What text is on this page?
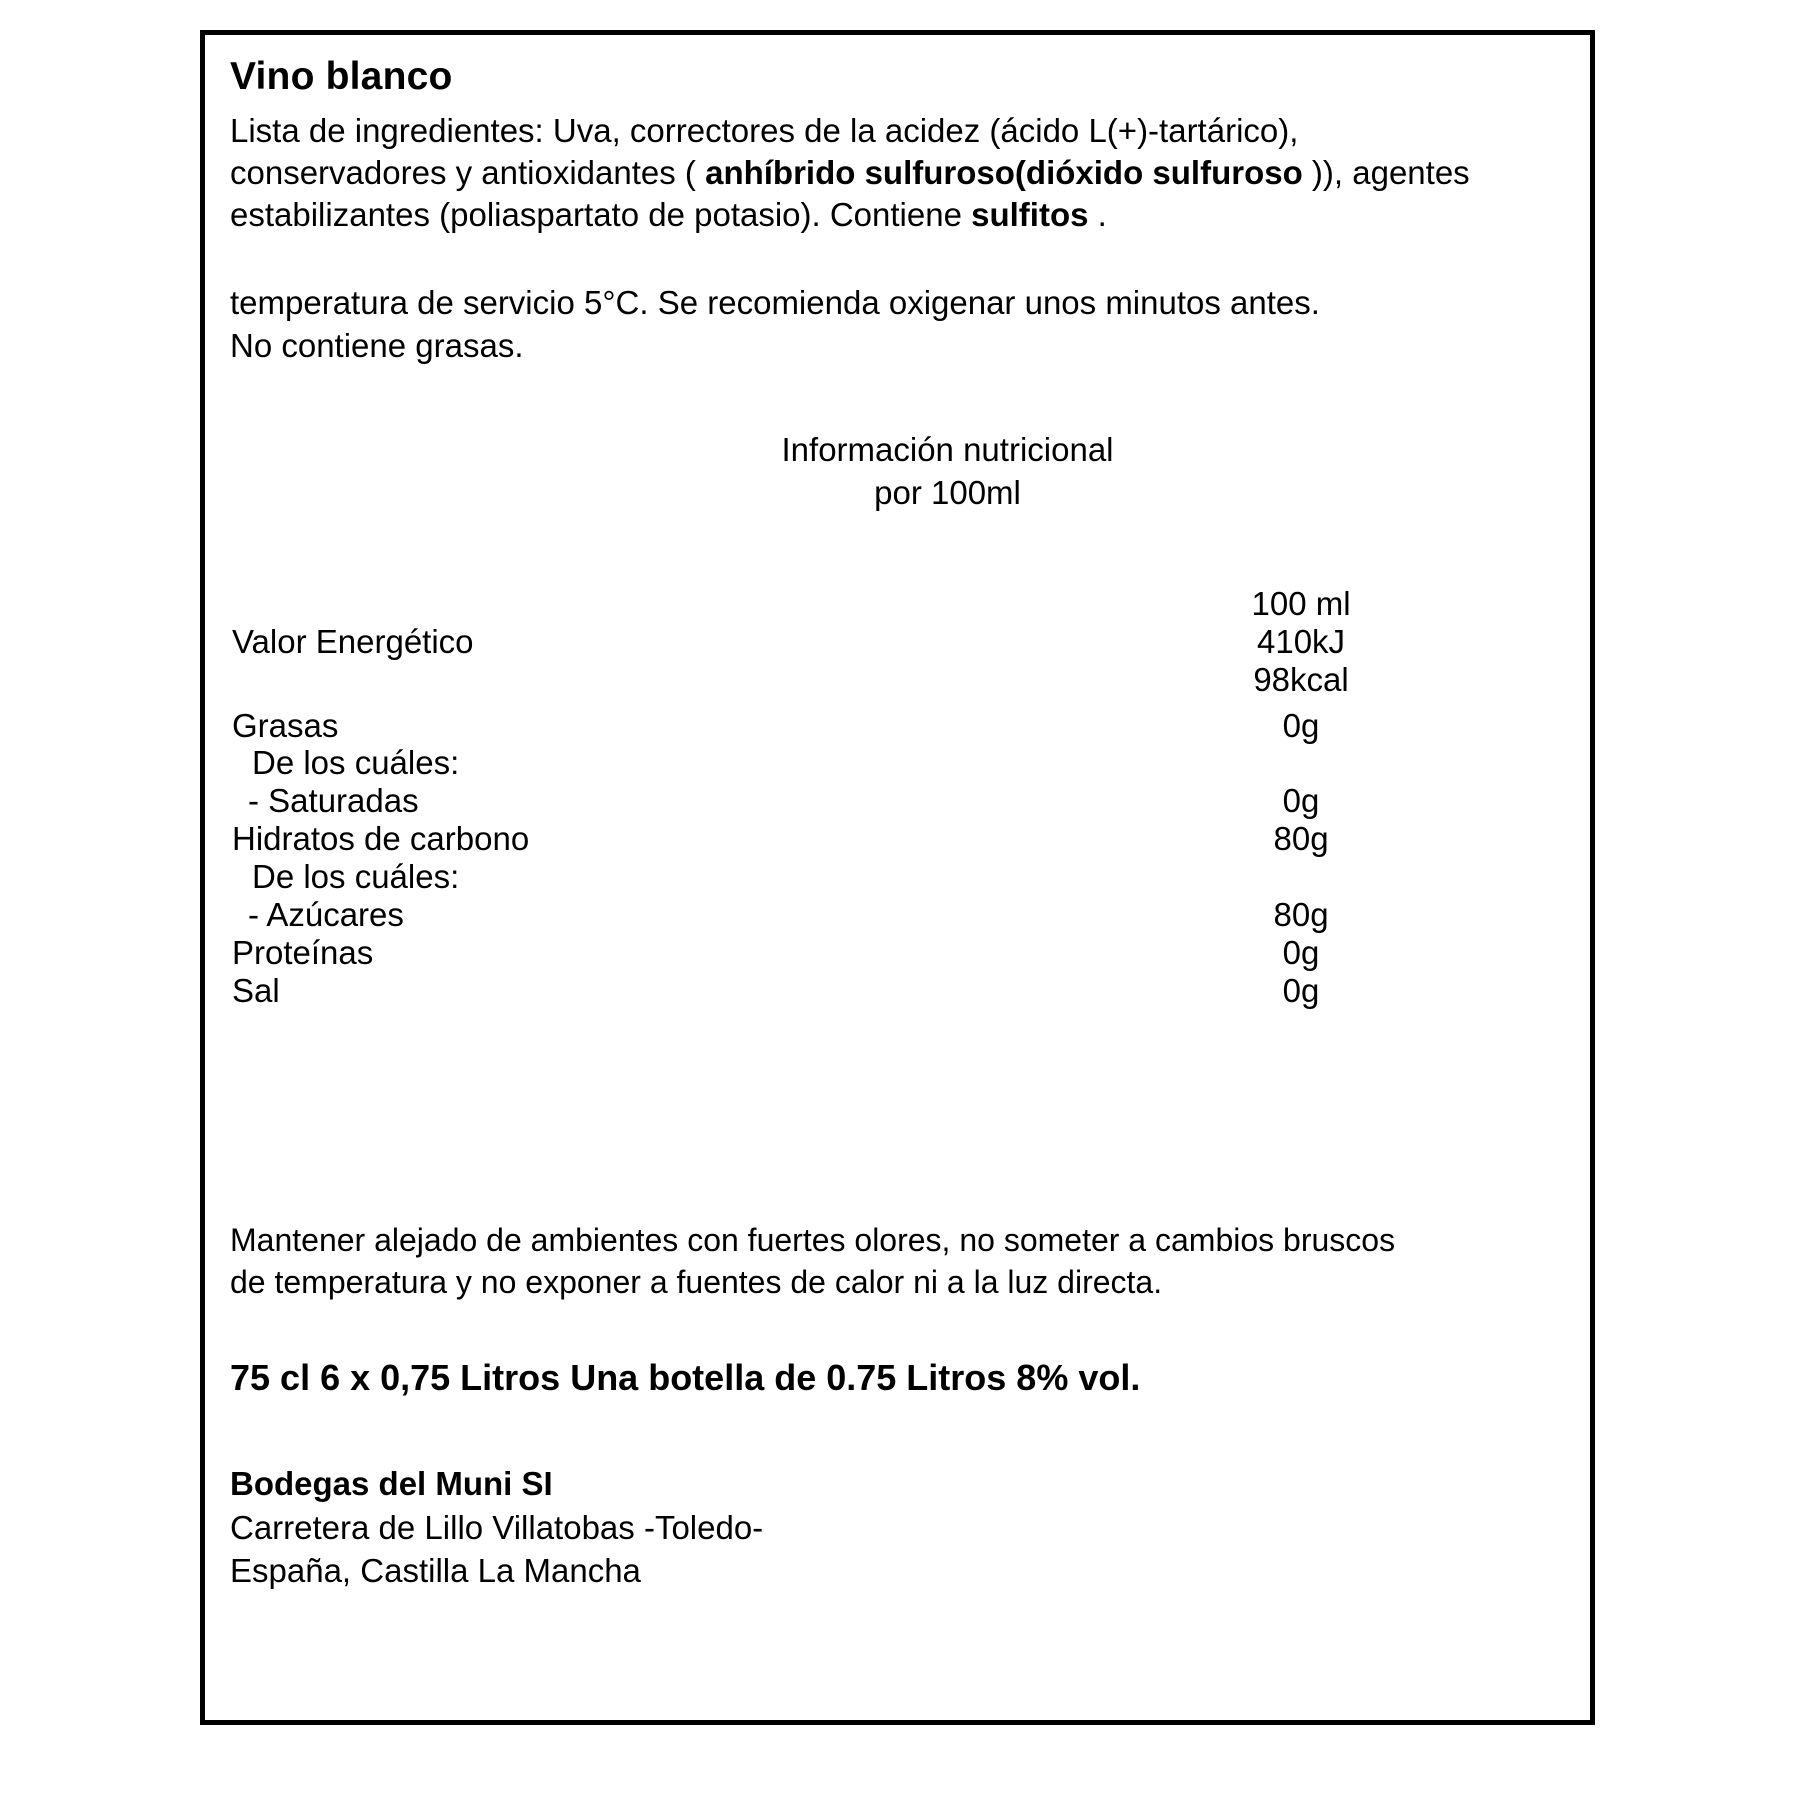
Vino blanco

Lista de ingredientes: Uva, correctores de la acidez (ácido L(+)-tartárico), conservadores y antioxidantes ( anhíbrido sulfuroso(dióxido sulfuroso )), agentes estabilizantes (poliaspartato de potasio). Contiene sulfitos .

temperatura de servicio 5°C. Se recomienda oxigenar unos minutos antes.
No contiene grasas.
Información nutricional
por 100ml
	100 ml
Valor Energético	410kJ
	98kcal

Grasas	0g
De los cuáles:	
- Saturadas	0g
Hidratos de carbono	80g
De los cuáles:	
- Azúcares	80g
Proteínas	0g
Sal	0g
Mantener alejado de ambientes con fuertes olores, no someter a cambios bruscos
de temperatura y no exponer a fuentes de calor ni a la luz directa.
75 cl 6 x 0,75 Litros Una botella de 0.75 Litros 8% vol.
Bodegas del Muni SI
Carretera de Lillo Villatobas -Toledo-
España, Castilla La Mancha
